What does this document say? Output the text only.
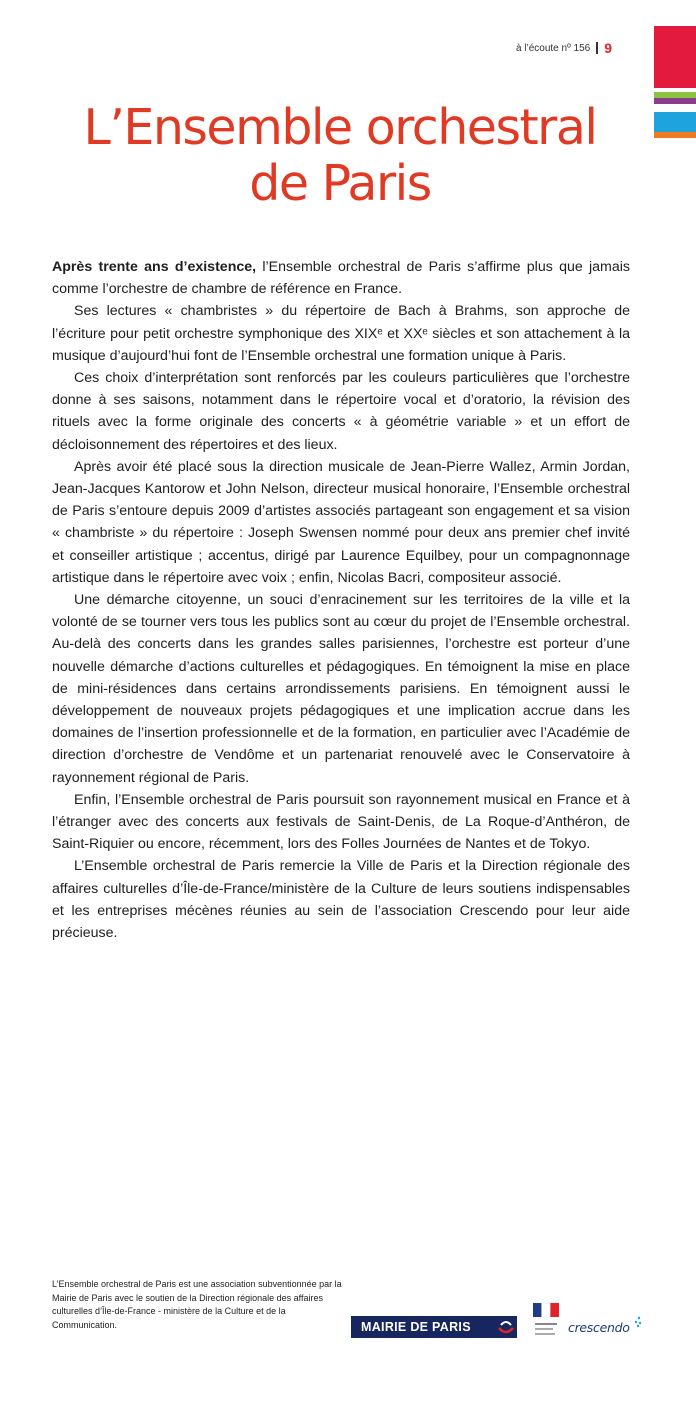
à l’écoute nº 156 9
L’Ensemble orchestral
de Paris

Après trente ans d’existence, l’Ensemble orchestral de Paris s’affirme plus que jamais comme l’orchestre de chambre de référence en France.

Ses lectures « chambristes » du répertoire de Bach à Brahms, son approche de l’écriture pour petit orchestre symphonique des XIXᵉ et XXᵉ siècles et son attachement à la musique d’aujourd’hui font de l’Ensemble orchestral une formation unique à Paris.

Ces choix d’interprétation sont renforcés par les couleurs particulières que l’orchestre donne à ses saisons, notamment dans le répertoire vocal et d’oratorio, la révision des rituels avec la forme originale des concerts « à géométrie variable » et un effort de décloisonnement des répertoires et des lieux.

Après avoir été placé sous la direction musicale de Jean-Pierre Wallez, Armin Jordan, Jean-Jacques Kantorow et John Nelson, directeur musical honoraire, l’Ensemble orchestral de Paris s’entoure depuis 2009 d’artistes associés partageant son engagement et sa vision « chambriste » du répertoire : Joseph Swensen nommé pour deux ans premier chef invité et conseiller artistique ; accentus, dirigé par Laurence Equilbey, pour un compagnonnage artistique dans le répertoire avec voix ; enfin, Nicolas Bacri, compositeur associé.

Une démarche citoyenne, un souci d’enracinement sur les territoires de la ville et la volonté de se tourner vers tous les publics sont au cœur du projet de l’Ensemble orchestral. Au-delà des concerts dans les grandes salles parisiennes, l’orchestre est porteur d’une nouvelle démarche d’actions culturelles et pédagogiques. En témoignent la mise en place de mini-résidences dans certains arrondissements parisiens. En témoignent aussi le développement de nouveaux projets pédagogiques et une implication accrue dans les domaines de l’insertion professionnelle et de la formation, en particulier avec l’Académie de direction d’orchestre de Vendôme et un partenariat renouvelé avec le Conservatoire à rayonnement régional de Paris.

Enfin, l’Ensemble orchestral de Paris poursuit son rayonnement musical en France et à l’étranger avec des concerts aux festivals de Saint-Denis, de La Roque-d’Anthéron, de Saint-Riquier ou encore, récemment, lors des Folles Journées de Nantes et de Tokyo.

L’Ensemble orchestral de Paris remercie la Ville de Paris et la Direction régionale des affaires culturelles d’Île-de-France/ministère de la Culture de leurs soutiens indispensables et les entreprises mécènes réunies au sein de l’association Crescendo pour leur aide précieuse.

L’Ensemble orchestral de Paris est une association subventionnée par la Mairie de Paris avec le soutien de la Direction régionale des affaires culturelles d’Île-de-France - ministère de la Culture et de la Communication.	MAIRIE DE PARIS	crescendo
